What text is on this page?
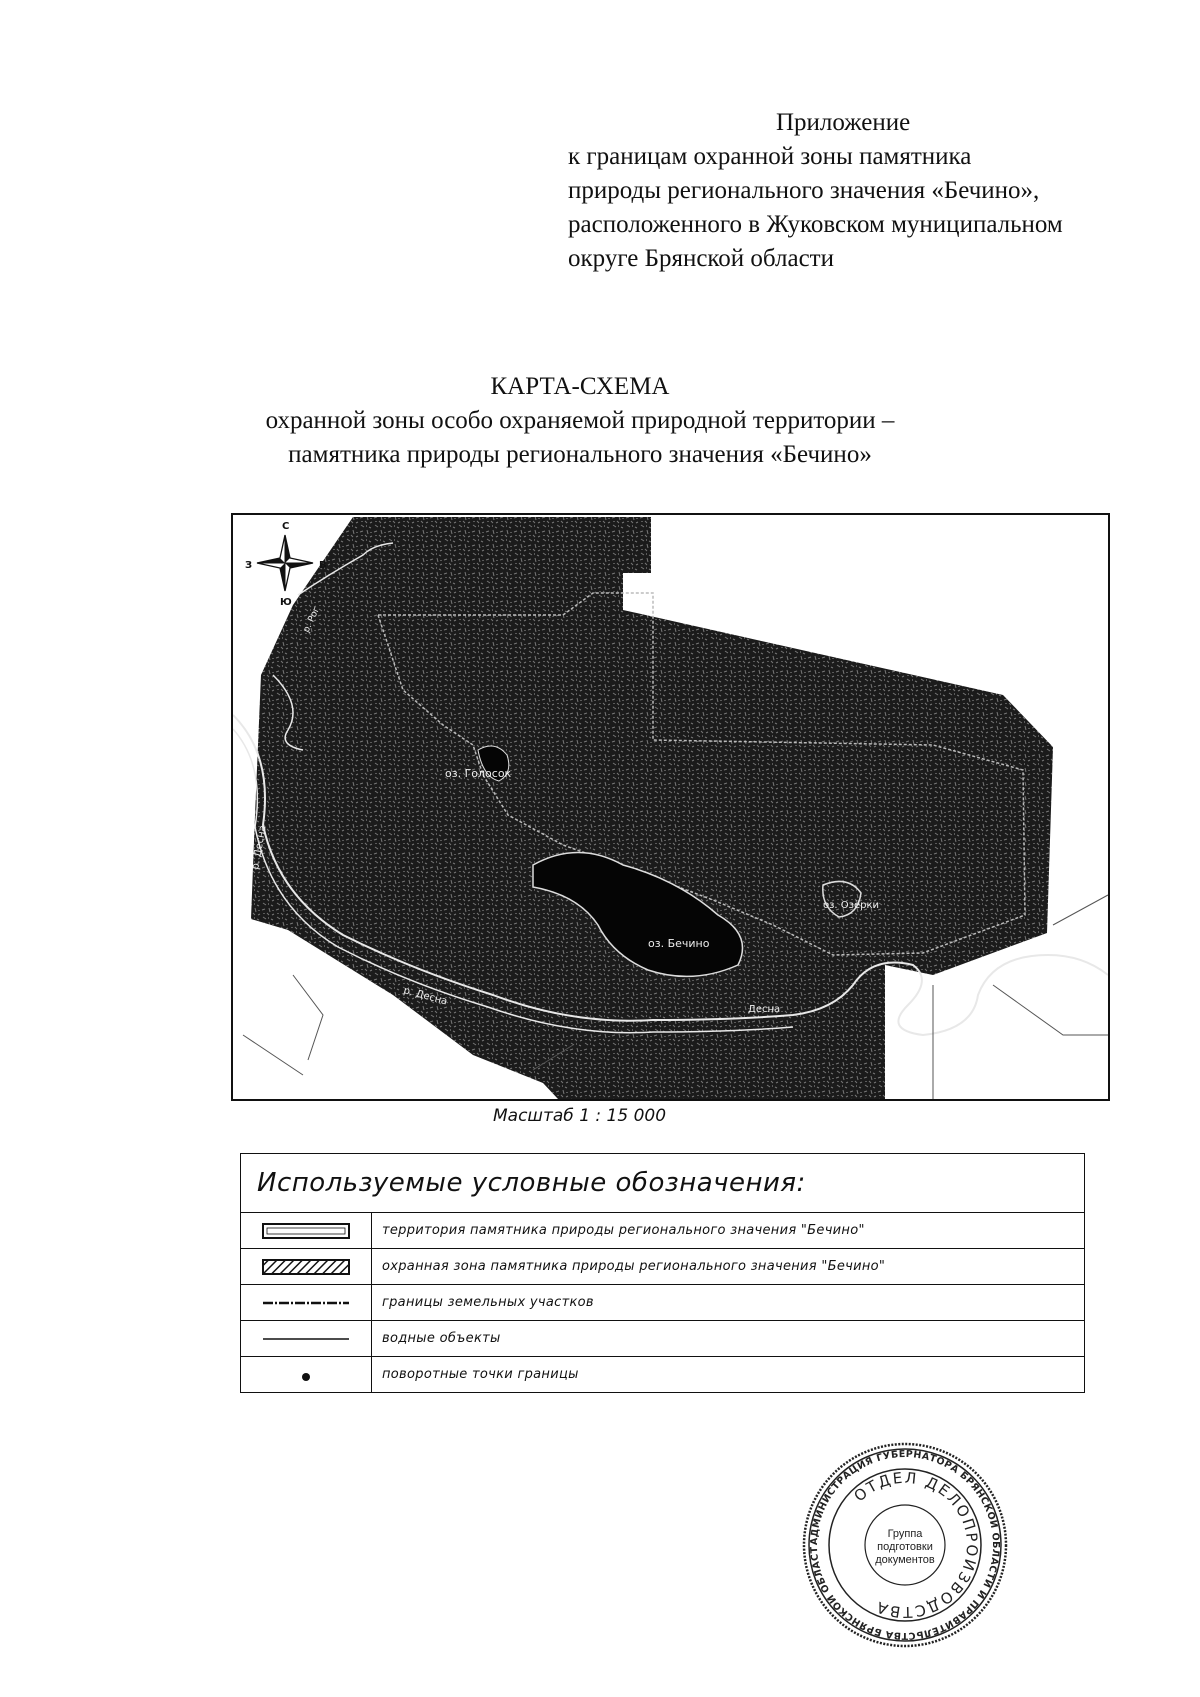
Приложение
к границам охранной зоны памятника
природы регионального значения «Бечино»,
расположенного в Жуковском муниципальном
округе Брянской области
КАРТА-СХЕМА
охранной зоны особо охраняемой природной территории –
памятника природы регионального значения «Бечино»
С
Ю
З	В
оз. Голосок
оз. Бечино
оз. Озёрки
р. Десна
р. Десна
Десна
р. Рог
Масштаб 1 : 15 000
Используемые условные обозначения:
территория памятника природы регионального значения "Бечино"
охранная зона памятника природы регионального значения "Бечино"
границы земельных участков
водные объекты
поворотные точки границы
АДМИНИСТРАЦИЯ ГУБЕРНАТОРА БРЯНСКОЙ ОБЛАСТИ И ПРАВИТЕЛЬСТВА БРЯНСКОЙ ОБЛАСТ
ОТДЕЛ ДЕЛОПРОИЗВОДСТВА
Группа
подготовки
документов
